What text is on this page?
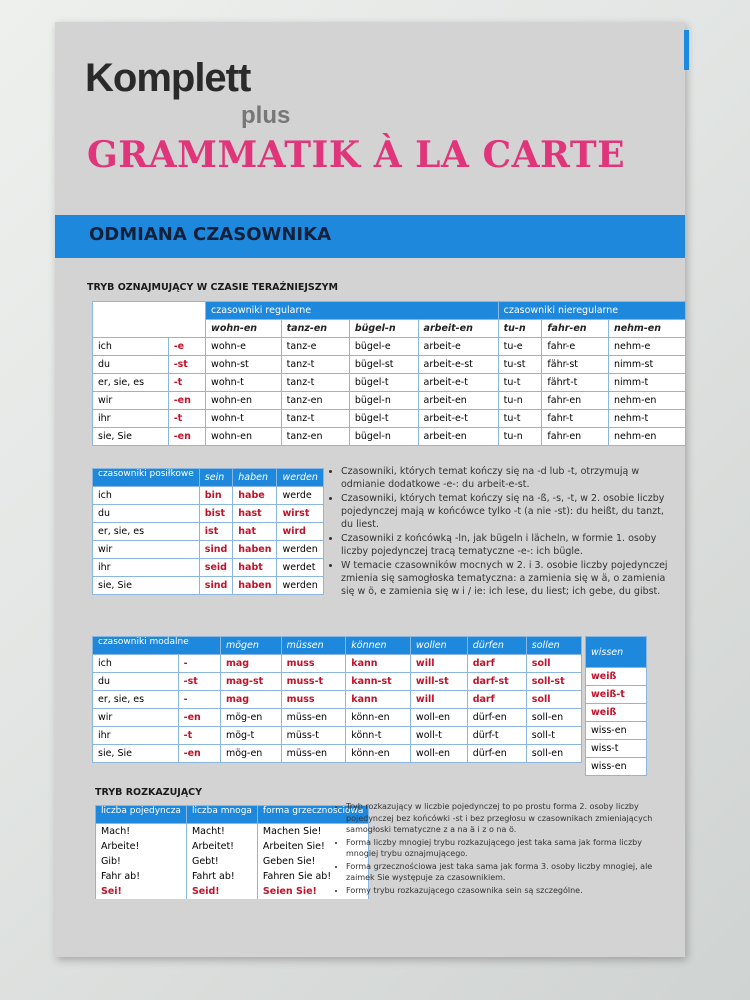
Komplett
plus
GRAMMATIK À LA CARTE
ODMIANA CZASOWNIKA
TRYB OZNAJMUJĄCY W CZASIE TERAŹNIEJSZYM
		czasowniki regularne				czasowniki nieregularne		
		wohn-en	tanz-en	bügel-n	arbeit-en	tu-n	fahr-en	nehm-en
ich	-e	wohn-e	tanz-e	bügel-e	arbeit-e	tu-e	fahr-e	nehm-e
du	-st	wohn-st	tanz-t	bügel-st	arbeit-e-st	tu-st	fähr-st	nimm-st
er, sie, es	-t	wohn-t	tanz-t	bügel-t	arbeit-e-t	tu-t	fährt-t	nimm-t
wir	-en	wohn-en	tanz-en	bügel-n	arbeit-en	tu-n	fahr-en	nehm-en
ihr	-t	wohn-t	tanz-t	bügel-t	arbeit-e-t	tu-t	fahr-t	nehm-t
sie, Sie	-en	wohn-en	tanz-en	bügel-n	arbeit-en	tu-n	fahr-en	nehm-en
czasowniki posiłkowe	sein	haben	werden
ich	bin	habe	werde
du	bist	hast	wirst
er, sie, es	ist	hat	wird
wir	sind	haben	werden
ihr	seid	habt	werdet
sie, Sie	sind	haben	werden
• Czasowniki, których temat kończy się na -d lub -t, otrzymują w odmianie dodatkowe -e-: du arbeit-e-st.
• Czasowniki, których temat kończy się na -ß, -s, -t, w 2. osobie liczby pojedynczej mają w końcówce tylko -t (a nie -st): du heißt, du tanzt, du liest.
• Czasowniki z końcówką -ln, jak bügeln i lächeln, w formie 1. osoby liczby pojedynczej tracą tematyczne -e-: ich bügle.
• W temacie czasowników mocnych w 2. i 3. osobie liczby pojedynczej zmienia się samogłoska tematyczna: a zamienia się w ä, o zamienia się w ö, e zamienia się w i / ie: ich lese, du liest; ich gebe, du gibst.
czasowniki modalne		mögen	müssen	können	wollen	dürfen	sollen
ich	-	mag	muss	kann	will	darf	soll
du	-st	mag-st	muss-t	kann-st	will-st	darf-st	soll-st
er, sie, es	-	mag	muss	kann	will	darf	soll
wir	-en	mög-en	müss-en	könn-en	woll-en	dürf-en	soll-en
ihr	-t	mög-t	müss-t	könn-t	woll-t	dürf-t	soll-t
sie, Sie	-en	mög-en	müss-en	könn-en	woll-en	dürf-en	soll-en
wissen
weiß
weiß-t
weiß
wiss-en
wiss-t
wiss-en
TRYB ROZKAZUJĄCY
liczba pojedyncza	liczba mnoga	forma grzecznościowa
Mach!	Macht!	Machen Sie!
Arbeite!	Arbeitet!	Arbeiten Sie!
Gib!	Gebt!	Geben Sie!
Fahr ab!	Fahrt ab!	Fahren Sie ab!
Sei!	Seid!	Seien Sie!
• Tryb rozkazujący w liczbie pojedynczej to po prostu forma 2. osoby liczby pojedynczej bez końcówki -st i bez przegłosu w czasownikach zmieniających samogłoski tematyczne z a na ä i z o na ö.
• Forma liczby mnogiej trybu rozkazującego jest taka sama jak forma liczby mnogiej trybu oznajmującego.
• Forma grzecznościowa jest taka sama jak forma 3. osoby liczby mnogiej, ale zaimek Sie występuje za czasownikiem.
• Formy trybu rozkazującego czasownika sein są szczególne.
